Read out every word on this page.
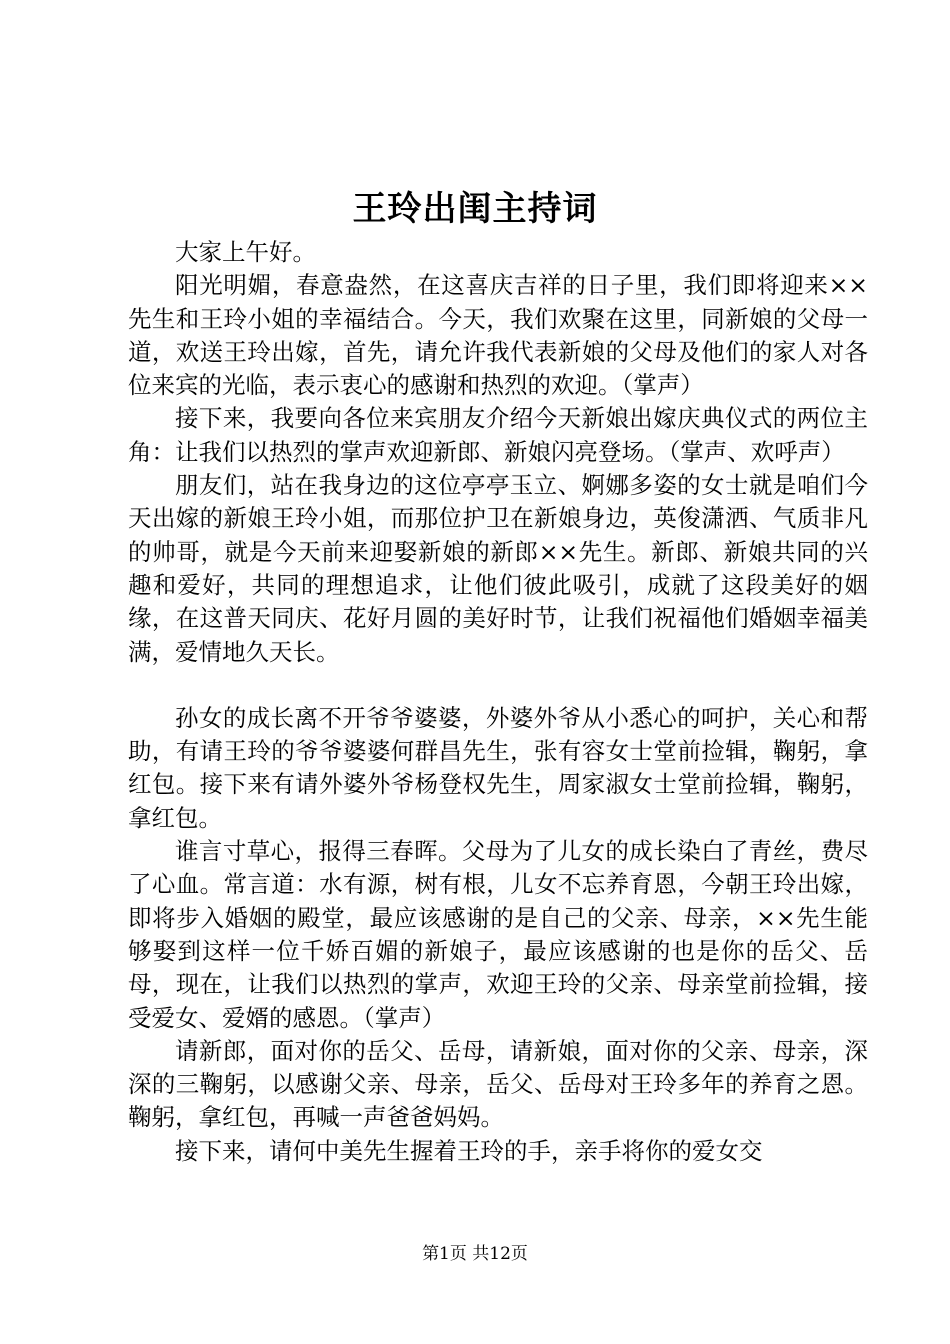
王玲出闺主持词

大家上午好。

阳光明媚，春意盎然，在这喜庆吉祥的日子里，我们即将迎来××先生和王玲小姐的幸福结合。今天，我们欢聚在这里，同新娘的父母一道，欢送王玲出嫁，首先，请允许我代表新娘的父母及他们的家人对各位来宾的光临，表示衷心的感谢和热烈的欢迎。（掌声）

接下来，我要向各位来宾朋友介绍今天新娘出嫁庆典仪式的两位主角：让我们以热烈的掌声欢迎新郎、新娘闪亮登场。（掌声、欢呼声）

朋友们，站在我身边的这位亭亭玉立、婀娜多姿的女士就是咱们今天出嫁的新娘王玲小姐，而那位护卫在新娘身边，英俊潇洒、气质非凡的帅哥，就是今天前来迎娶新娘的新郎××先生。新郎、新娘共同的兴趣和爱好，共同的理想追求，让他们彼此吸引，成就了这段美好的姻缘，在这普天同庆、花好月圆的美好时节，让我们祝福他们婚姻幸福美满，爱情地久天长。

孙女的成长离不开爷爷婆婆，外婆外爷从小悉心的呵护，关心和帮助，有请王玲的爷爷婆婆何群昌先生，张有容女士堂前捡辑，鞠躬，拿红包。接下来有请外婆外爷杨登权先生，周家淑女士堂前捡辑，鞠躬，拿红包。

谁言寸草心，报得三春晖。父母为了儿女的成长染白了青丝，费尽了心血。常言道：水有源，树有根，儿女不忘养育恩，今朝王玲出嫁，即将步入婚姻的殿堂，最应该感谢的是自己的父亲、母亲，××先生能够娶到这样一位千娇百媚的新娘子，最应该感谢的也是你的岳父、岳母，现在，让我们以热烈的掌声，欢迎王玲的父亲、母亲堂前捡辑，接受爱女、爱婿的感恩。（掌声）

请新郎，面对你的岳父、岳母，请新娘，面对你的父亲、母亲，深深的三鞠躬，以感谢父亲、母亲，岳父、岳母对王玲多年的养育之恩。鞠躬，拿红包，再喊一声爸爸妈妈。

接下来，请何中美先生握着王玲的手，亲手将你的爱女交

第1页 共12页
